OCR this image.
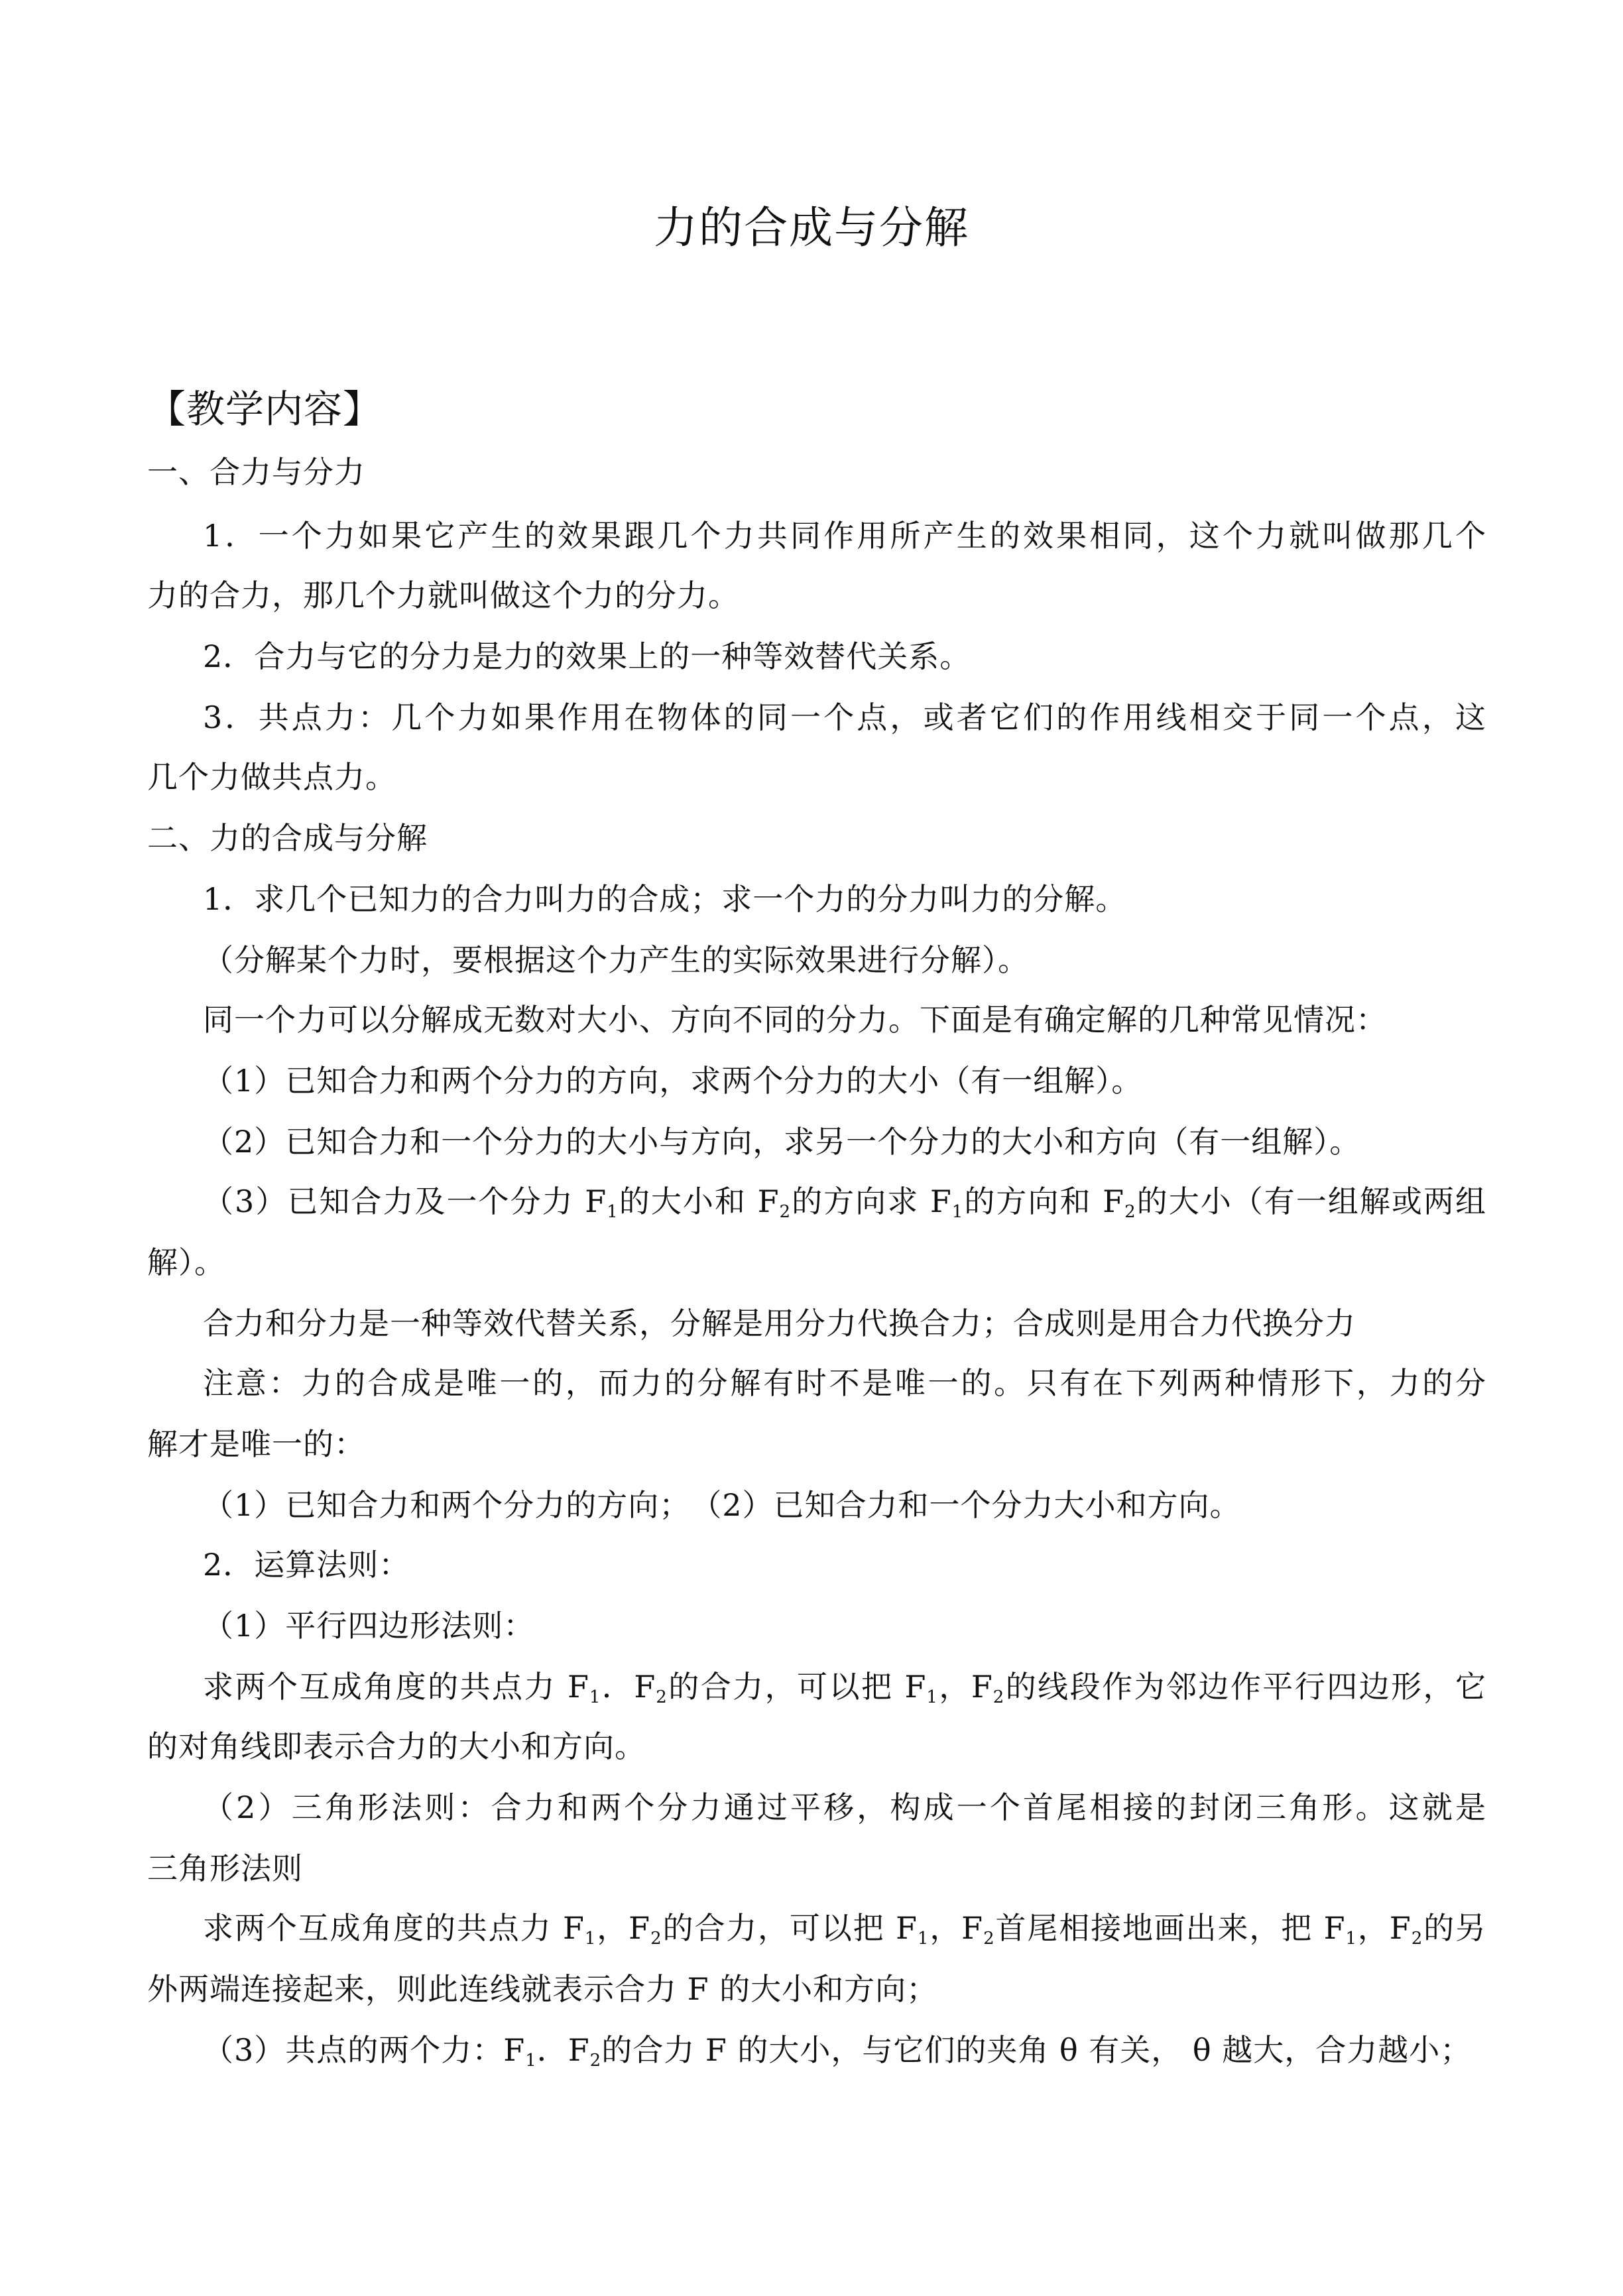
力的合成与分解

【教学内容】

一、合力与分力

1．一个力如果它产生的效果跟几个力共同作用所产生的效果相同，这个力就叫做那几个

力的合力，那几个力就叫做这个力的分力。

2．合力与它的分力是力的效果上的一种等效替代关系。

3．共点力：几个力如果作用在物体的同一个点，或者它们的作用线相交于同一个点，这

几个力做共点力。

二、力的合成与分解

1．求几个已知力的合力叫力的合成；求一个力的分力叫力的分解。

（分解某个力时，要根据这个力产生的实际效果进行分解）。

同一个力可以分解成无数对大小、方向不同的分力。下面是有确定解的几种常见情况：

（1）已知合力和两个分力的方向，求两个分力的大小（有一组解）。

（2）已知合力和一个分力的大小与方向，求另一个分力的大小和方向（有一组解）。

（3）已知合力及一个分力 $F_1$的大小和 $F_2$的方向求 $F_1$的方向和 $F_2$的大小（有一组解或两组

解）。

合力和分力是一种等效代替关系，分解是用分力代换合力；合成则是用合力代换分力

注意：力的合成是唯一的，而力的分解有时不是唯一的。只有在下列两种情形下，力的分

解才是唯一的：

（1）已知合力和两个分力的方向；　（2）已知合力和一个分力大小和方向。

2．运算法则：

（1）平行四边形法则：

求两个互成角度的共点力 $F_1$．$F_2$的合力，可以把 $F_1$，$F_2$的线段作为邻边作平行四边形，它

的对角线即表示合力的大小和方向。

（2）三角形法则：合力和两个分力通过平移，构成一个首尾相接的封闭三角形。这就是

三角形法则

求两个互成角度的共点力 $F_1$，$F_2$的合力，可以把 $F_1$，$F_2$首尾相接地画出来，把 $F_1$，$F_2$的另

外两端连接起来，则此连线就表示合力 F 的大小和方向；

（3）共点的两个力：$F_1$．$F_2$的合力 F 的大小，与它们的夹角 θ 有关， θ 越大，合力越小；
